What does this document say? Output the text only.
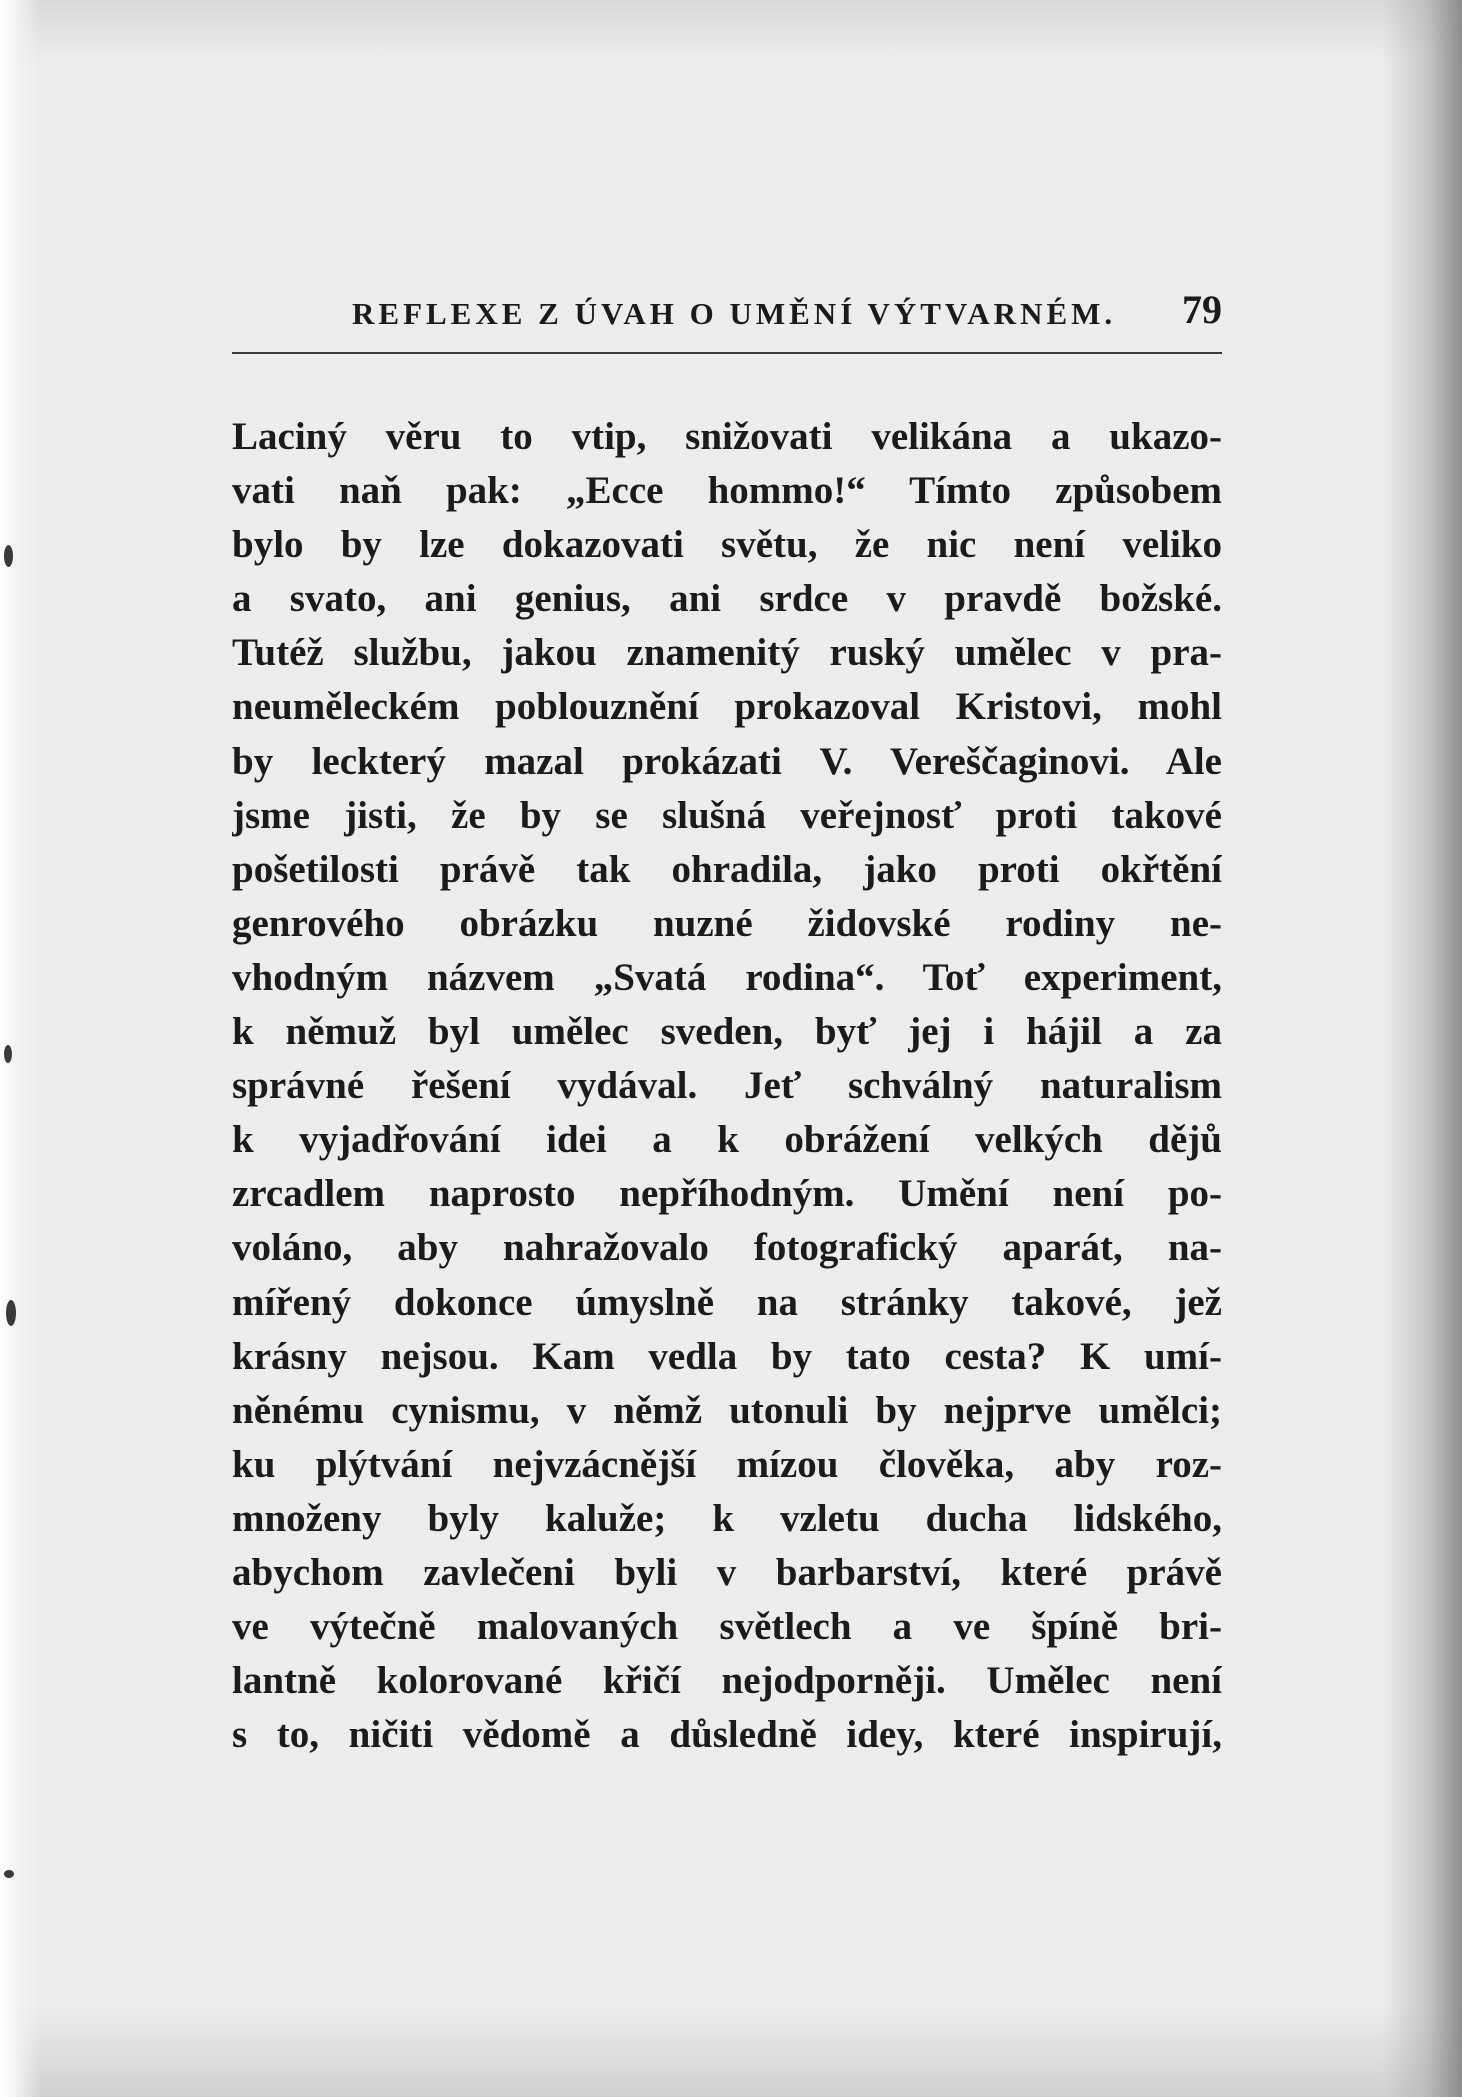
REFLEXE Z ÚVAH O UMĚNÍ VÝTVARNÉM. 79
Laciný věru to vtip, snižovati velikána a ukazo-
vati naň pak: „Ecce hommo!“ Tímto způsobem
bylo by lze dokazovati světu, že nic není veliko
a svato, ani genius, ani srdce v pravdě božské.
Tutéž službu, jakou znamenitý ruský umělec v pra-
neuměleckém poblouznění prokazoval Kristovi, mohl
by leckterý mazal prokázati V. Vereščaginovi. Ale
jsme jisti, že by se slušná veřejnosť proti takové
pošetilosti právě tak ohradila, jako proti okřtění
genrového obrázku nuzné židovské rodiny ne-
vhodným názvem „Svatá rodina“. Toť experiment,
k němuž byl umělec sveden, byť jej i hájil a za
správné řešení vydával. Jeť schválný naturalism
k vyjadřování idei a k obrážení velkých dějů
zrcadlem naprosto nepříhodným. Umění není po-
voláno, aby nahražovalo fotografický aparát, na-
mířený dokonce úmyslně na stránky takové, jež
krásny nejsou. Kam vedla by tato cesta? K umí-
něnému cynismu, v němž utonuli by nejprve umělci;
ku plýtvání nejvzácnější mízou člověka, aby roz-
množeny byly kaluže; k vzletu ducha lidského,
abychom zavlečeni byli v barbarství, které právě
ve výtečně malovaných světlech a ve špíně bri-
lantně kolorované křičí nejodporněji. Umělec není
s to, ničiti vědomě a důsledně idey, které inspirují,
